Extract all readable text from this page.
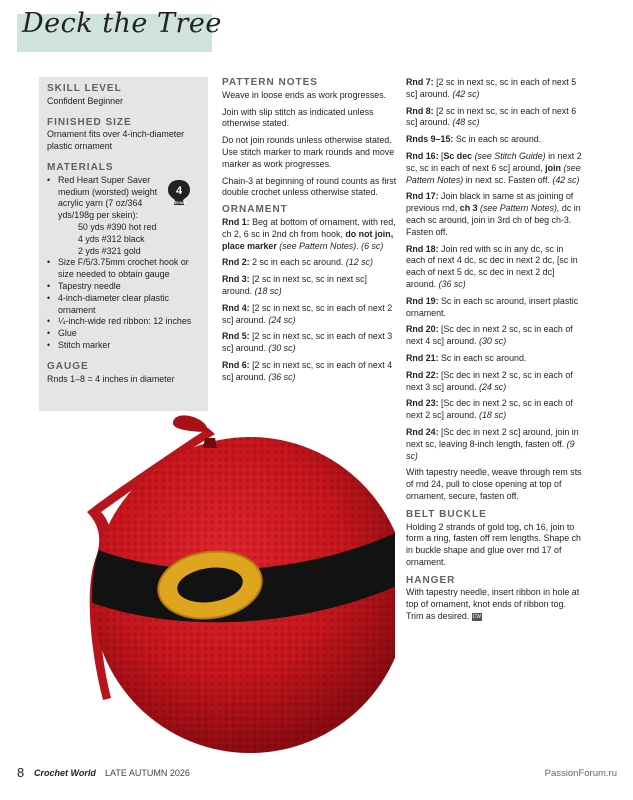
Deck the Tree
SKILL LEVEL
Confident Beginner
FINISHED SIZE
Ornament fits over 4-inch-diameter plastic ornament
MATERIALS
• Red Heart Super Saver medium (worsted) weight acrylic yarn (7 oz/364 yds/198g per skein):
50 yds #390 hot red
4 yds #312 black
2 yds #321 gold
• Size F/5/3.75mm crochet hook or size needed to obtain gauge
• Tapestry needle
• 4-inch-diameter clear plastic ornament
• ¼-inch-wide red ribbon: 12 inches
• Glue
• Stitch marker
GAUGE
Rnds 1–8 = 4 inches in diameter
4
MEDIUM
PATTERN NOTES

Weave in loose ends as work progresses.

Join with slip stitch as indicated unless otherwise stated.

Do not join rounds unless otherwise stated. Use stitch marker to mark rounds and move marker as work progresses.

Chain-3 at beginning of round counts as first double crochet unless otherwise stated.

ORNAMENT

Rnd 1: Beg at bottom of ornament, with red, ch 2, 6 sc in 2nd ch from hook, do not join, place marker (see Pattern Notes). (6 sc)

Rnd 2: 2 sc in each sc around. (12 sc)

Rnd 3: [2 sc in next sc, sc in next sc] around. (18 sc)

Rnd 4: [2 sc in next sc, sc in each of next 2 sc] around. (24 sc)

Rnd 5: [2 sc in next sc, sc in each of next 3 sc] around. (30 sc)

Rnd 6: [2 sc in next sc, sc in each of next 4 sc] around. (36 sc)

Rnd 7: [2 sc in next sc, sc in each of next 5 sc] around. (42 sc)

Rnd 8: [2 sc in next sc, sc in each of next 6 sc] around. (48 sc)

Rnds 9–15: Sc in each sc around.

Rnd 16: [Sc dec (see Stitch Guide) in next 2 sc, sc in each of next 6 sc] around, join (see Pattern Notes) in next sc. Fasten off. (42 sc)

Rnd 17: Join black in same st as joining of previous rnd, ch 3 (see Pattern Notes), dc in each sc around, join in 3rd ch of beg ch-3. Fasten off.

Rnd 18: Join red with sc in any dc, sc in each of next 4 dc, sc dec in next 2 dc, [sc in each of next 5 dc, sc dec in next 2 dc] around. (36 sc)

Rnd 19: Sc in each sc around, insert plastic ornament.

Rnd 20: [Sc dec in next 2 sc, sc in each of next 4 sc] around. (30 sc)

Rnd 21: Sc in each sc around.

Rnd 22: [Sc dec in next 2 sc, sc in each of next 3 sc] around. (24 sc)

Rnd 23: [Sc dec in next 2 sc, sc in each of next 2 sc] around. (18 sc)

Rnd 24: [Sc dec in next 2 sc] around, join in next sc, leaving 8-inch length, fasten off. (9 sc)

With tapestry needle, weave through rem sts of rnd 24, pull to close opening at top of ornament, secure, fasten off.

BELT BUCKLE

Holding 2 strands of gold tog, ch 16, join to form a ring, fasten off rem lengths. Shape ch in buckle shape and glue over rnd 17 of ornament.

HANGER

With tapestry needle, insert ribbon in hole at top of ornament, knot ends of ribbon tog. Trim as desired. CW

8 Crochet World LATE AUTUMN 2026	PassionForum.ru
